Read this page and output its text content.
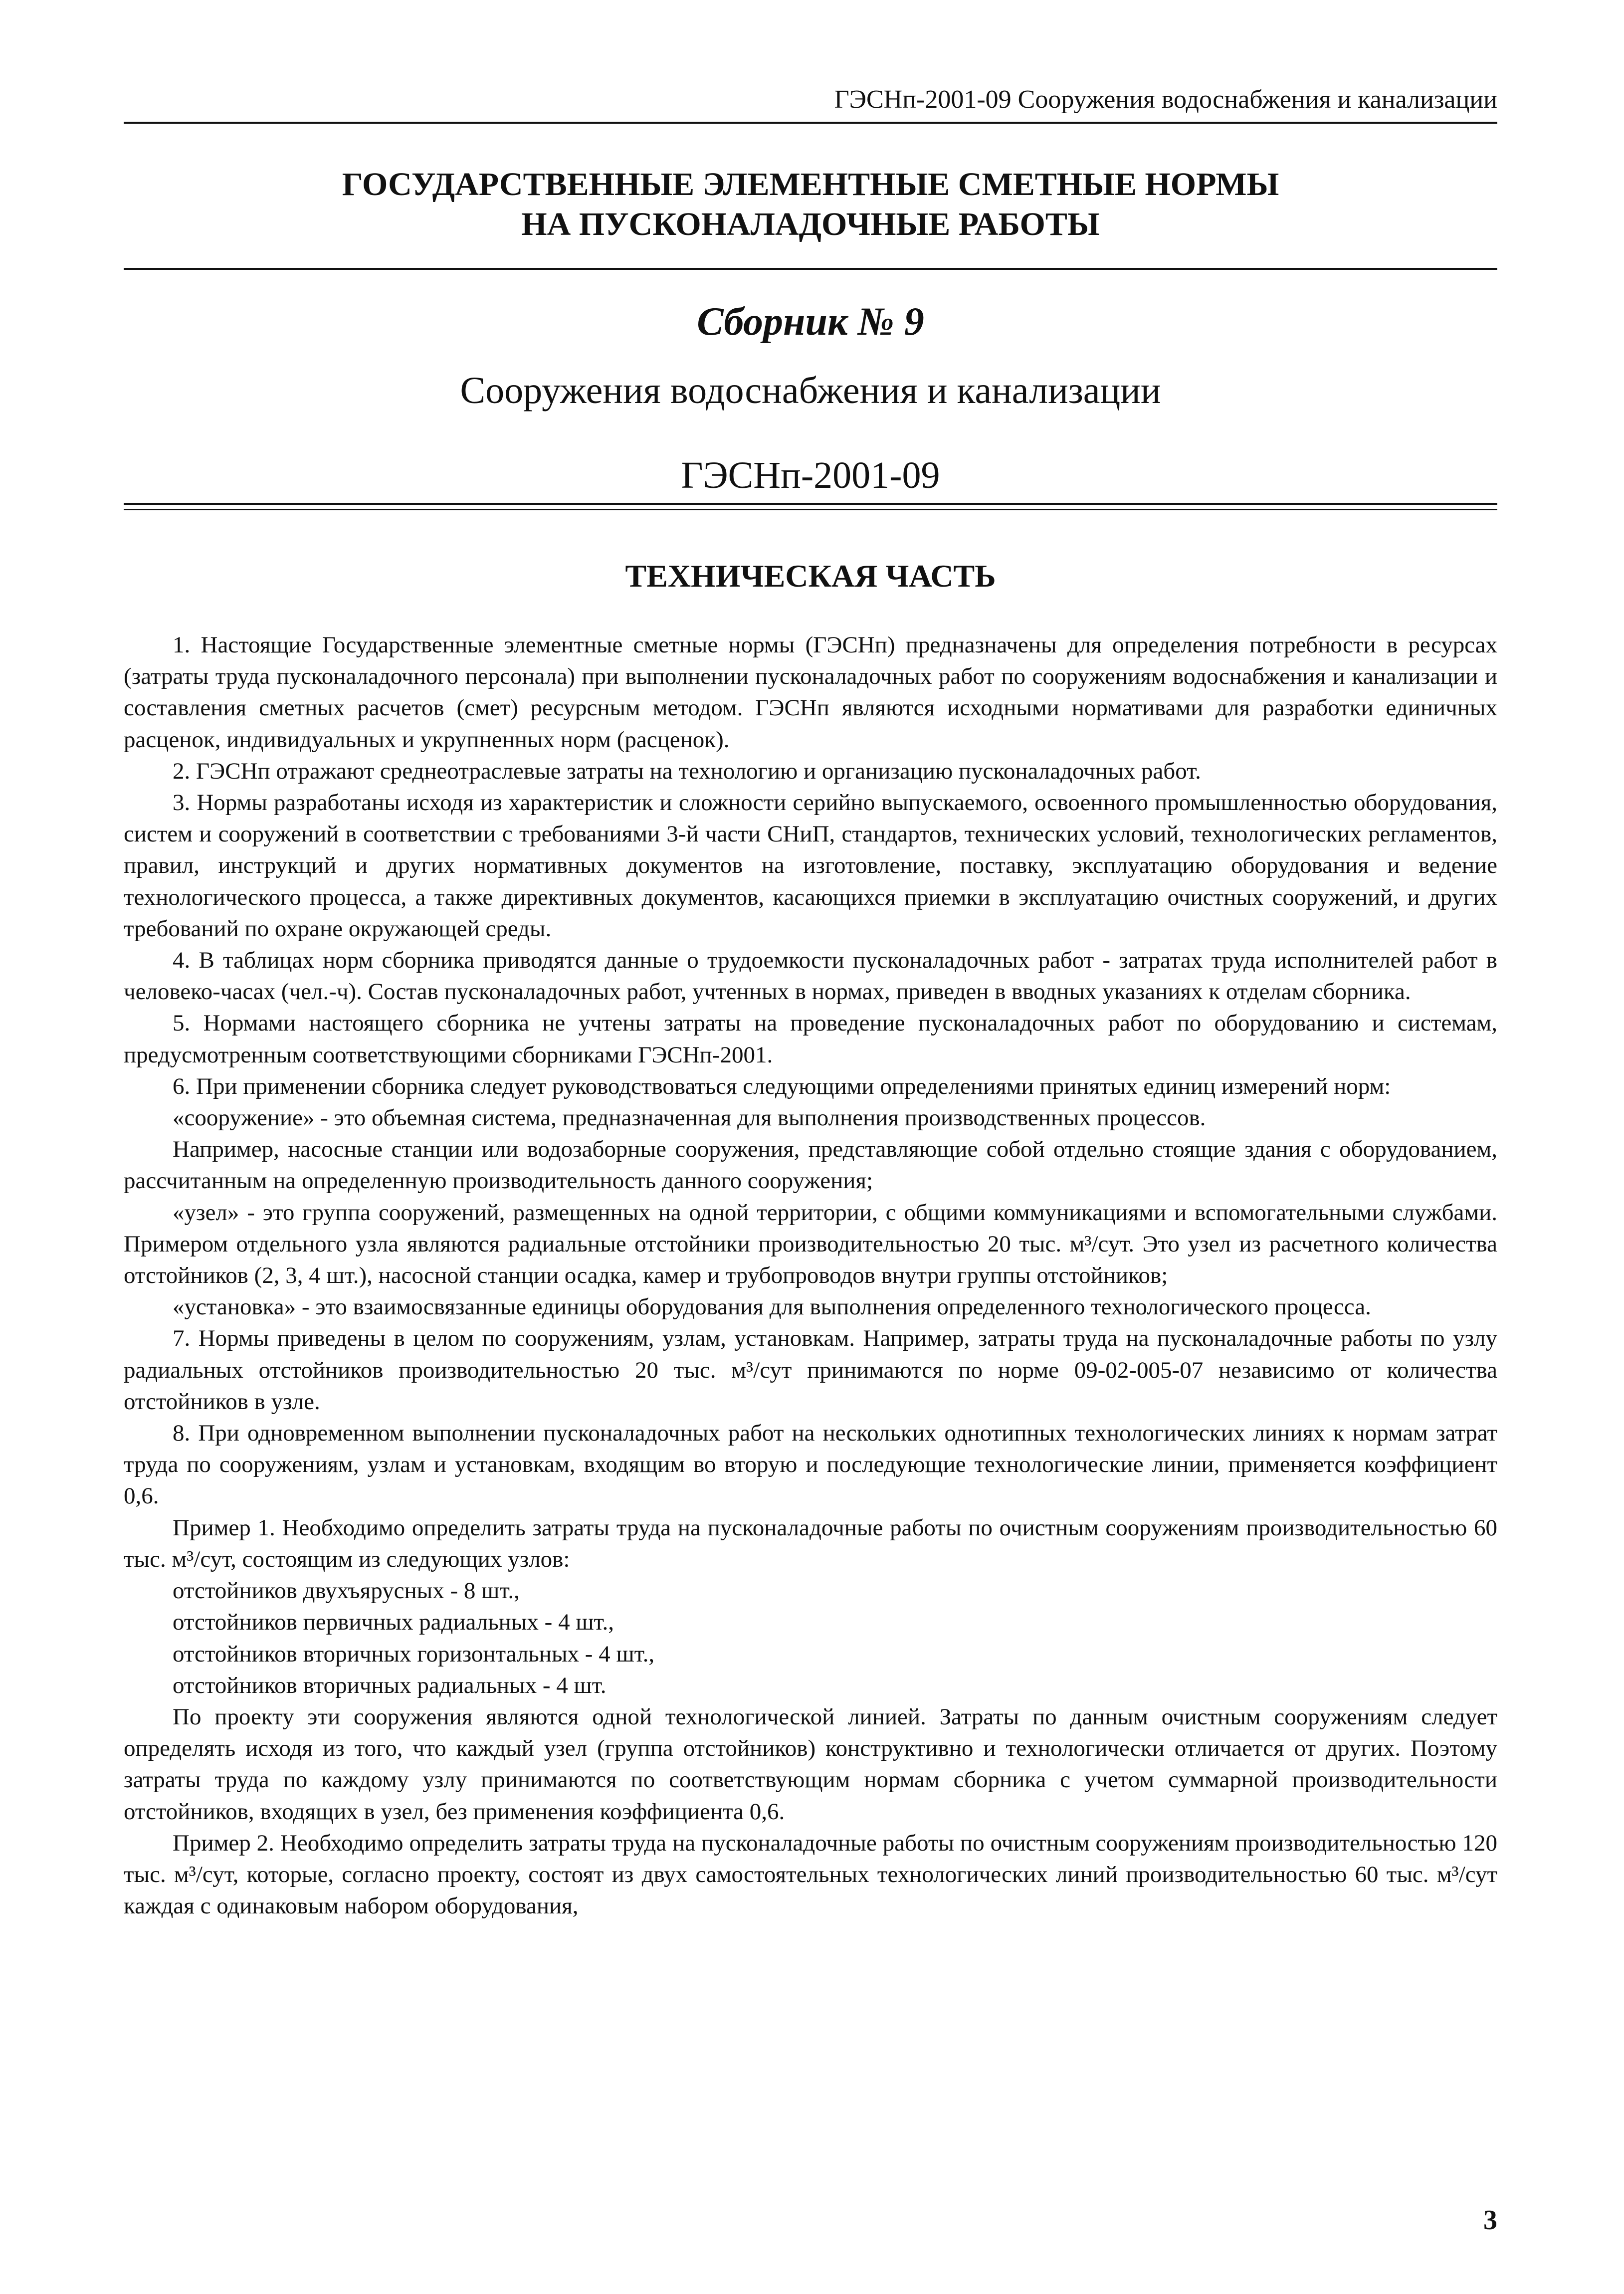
ГЭСНп-2001-09 Сооружения водоснабжения и канализации
ГОСУДАРСТВЕННЫЕ ЭЛЕМЕНТНЫЕ СМЕТНЫЕ НОРМЫ
НА ПУСКОНАЛАДОЧНЫЕ РАБОТЫ
Сборник № 9
Сооружения водоснабжения и канализации
ГЭСНп-2001-09
ТЕХНИЧЕСКАЯ ЧАСТЬ

1. Настоящие Государственные элементные сметные нормы (ГЭСНп) предназначены для определения потребности в ресурсах (затраты труда пусконаладочного персонала) при выполнении пусконаладочных работ по сооружениям водоснабжения и канализации и составления сметных расчетов (смет) ресурсным методом. ГЭСНп являются исходными нормативами для разработки единичных расценок, индивидуальных и укрупненных норм (расценок).

2. ГЭСНп отражают среднеотраслевые затраты на технологию и организацию пусконаладочных работ.

3. Нормы разработаны исходя из характеристик и сложности серийно выпускаемого, освоенного промышленностью оборудования, систем и сооружений в соответствии с требованиями 3-й части СНиП, стандартов, технических условий, технологических регламентов, правил, инструкций и других нормативных документов на изготовление, поставку, эксплуатацию оборудования и ведение технологического процесса, а также директивных документов, касающихся приемки в эксплуатацию очистных сооружений, и других требований по охране окружающей среды.

4. В таблицах норм сборника приводятся данные о трудоемкости пусконаладочных работ - затратах труда исполнителей работ в человеко-часах (чел.-ч). Состав пусконаладочных работ, учтенных в нормах, приведен в вводных указаниях к отделам сборника.

5. Нормами настоящего сборника не учтены затраты на проведение пусконаладочных работ по оборудованию и системам, предусмотренным соответствующими сборниками ГЭСНп-2001.

6. При применении сборника следует руководствоваться следующими определениями принятых единиц измерений норм:

«сооружение» - это объемная система, предназначенная для выполнения производственных процессов.

Например, насосные станции или водозаборные сооружения, представляющие собой отдельно стоящие здания с оборудованием, рассчитанным на определенную производительность данного сооружения;

«узел» - это группа сооружений, размещенных на одной территории, с общими коммуникациями и вспомогательными службами. Примером отдельного узла являются радиальные отстойники производительностью 20 тыс. м³/сут. Это узел из расчетного количества отстойников (2, 3, 4 шт.), насосной станции осадка, камер и трубопроводов внутри группы отстойников;

«установка» - это взаимосвязанные единицы оборудования для выполнения определенного технологического процесса.

7. Нормы приведены в целом по сооружениям, узлам, установкам. Например, затраты труда на пусконаладочные работы по узлу радиальных отстойников производительностью 20 тыс. м³/сут принимаются по норме 09-02-005-07 независимо от количества отстойников в узле.

8. При одновременном выполнении пусконаладочных работ на нескольких однотипных технологических линиях к нормам затрат труда по сооружениям, узлам и установкам, входящим во вторую и последующие технологические линии, применяется коэффициент 0,6.

Пример 1. Необходимо определить затраты труда на пусконаладочные работы по очистным сооружениям производительностью 60 тыс. м³/сут, состоящим из следующих узлов:

отстойников двухъярусных - 8 шт.,

отстойников первичных радиальных - 4 шт.,

отстойников вторичных горизонтальных - 4 шт.,

отстойников вторичных радиальных - 4 шт.

По проекту эти сооружения являются одной технологической линией. Затраты по данным очистным сооружениям следует определять исходя из того, что каждый узел (группа отстойников) конструктивно и технологически отличается от других. Поэтому затраты труда по каждому узлу принимаются по соответствующим нормам сборника с учетом суммарной производительности отстойников, входящих в узел, без применения коэффициента 0,6.

Пример 2. Необходимо определить затраты труда на пусконаладочные работы по очистным сооружениям производительностью 120 тыс. м³/сут, которые, согласно проекту, состоят из двух самостоятельных технологических линий производительностью 60 тыс. м³/сут каждая с одинаковым набором оборудования,

3
